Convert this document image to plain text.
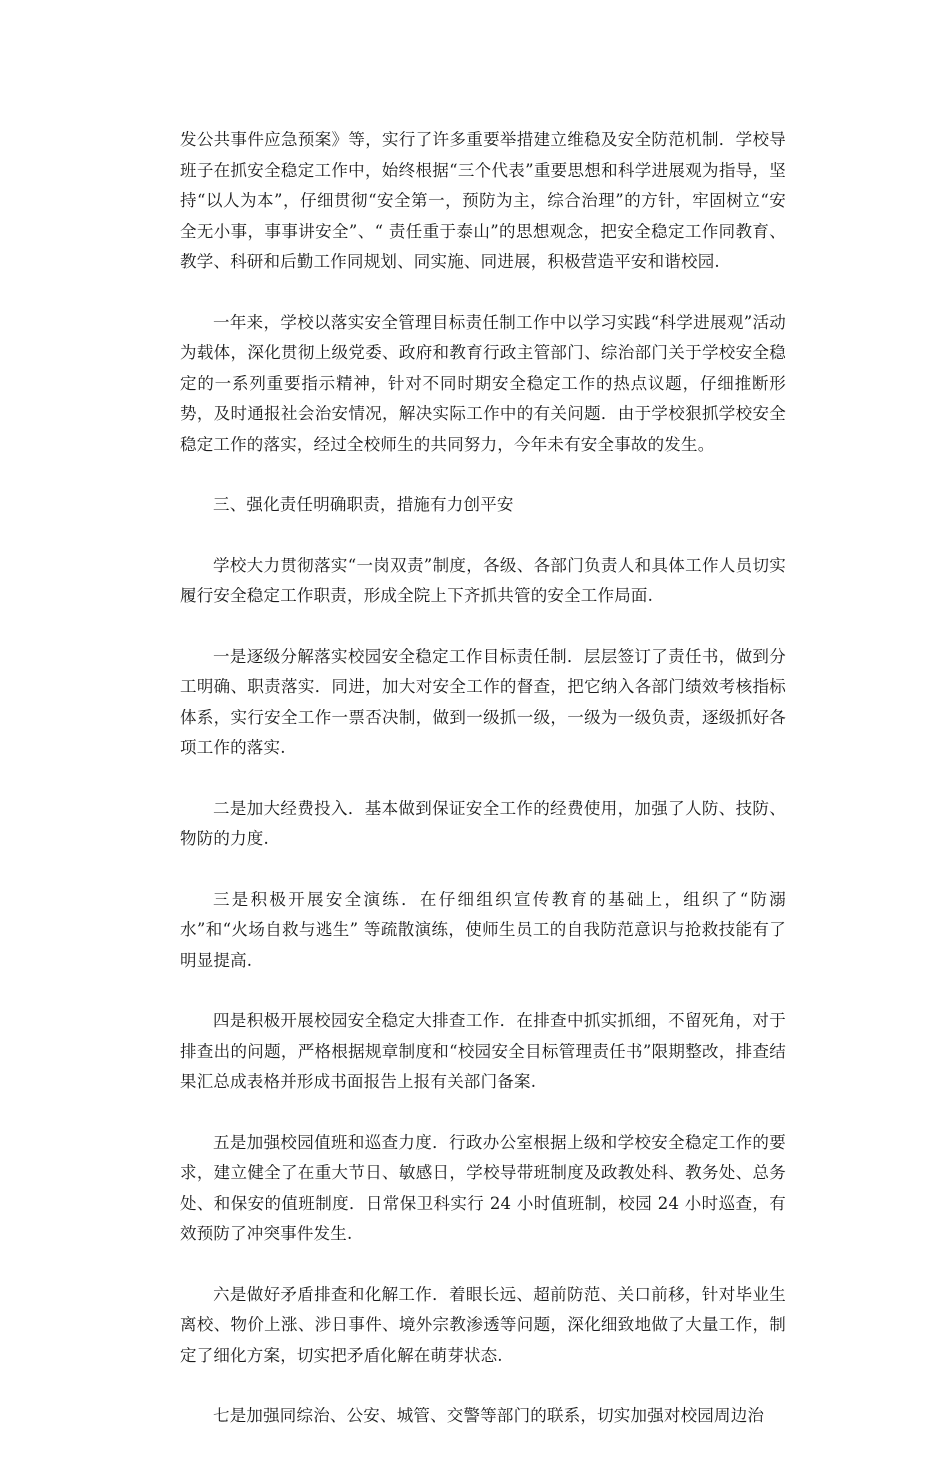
发公共事件应急预案》等，实行了许多重要举措建立维稳及安全防范机制．学校导班子在抓安全稳定工作中，始终根据“三个代表”重要思想和科学进展观为指导，坚持“以人为本”，仔细贯彻“安全第一，预防为主，综合治理”的方针，牢固树立“安全无小事，事事讲安全”、“ 责任重于泰山”的思想观念，把安全稳定工作同教育、教学、科研和后勤工作同规划、同实施、同进展，积极营造平安和谐校园.

一年来，学校以落实安全管理目标责任制工作中以学习实践“科学进展观”活动为载体，深化贯彻上级党委、政府和教育行政主管部门、综治部门关于学校安全稳定的一系列重要指示精神，针对不同时期安全稳定工作的热点议题，仔细推断形势，及时通报社会治安情况，解决实际工作中的有关问题．由于学校狠抓学校安全稳定工作的落实，经过全校师生的共同努力，今年未有安全事故的发生。

三、强化责任明确职责，措施有力创平安

学校大力贯彻落实“一岗双责”制度，各级、各部门负责人和具体工作人员切实履行安全稳定工作职责，形成全院上下齐抓共管的安全工作局面.

一是逐级分解落实校园安全稳定工作目标责任制．层层签订了责任书，做到分工明确、职责落实．同进，加大对安全工作的督查，把它纳入各部门绩效考核指标体系，实行安全工作一票否决制，做到一级抓一级，一级为一级负责，逐级抓好各项工作的落实.

二是加大经费投入．基本做到保证安全工作的经费使用，加强了人防、技防、物防的力度.

三是积极开展安全演练．在仔细组织宣传教育的基础上，组织了“防溺水”和“火场自救与逃生” 等疏散演练，使师生员工的自我防范意识与抢救技能有了明显提高.

四是积极开展校园安全稳定大排查工作．在排查中抓实抓细，不留死角，对于排查出的问题，严格根据规章制度和“校园安全目标管理责任书”限期整改，排查结果汇总成表格并形成书面报告上报有关部门备案.

五是加强校园值班和巡查力度．行政办公室根据上级和学校安全稳定工作的要求，建立健全了在重大节日、敏感日，学校导带班制度及政教处科、教务处、总务处、和保安的值班制度．日常保卫科实行 24 小时值班制，校园 24 小时巡查，有效预防了冲突事件发生.

六是做好矛盾排查和化解工作．着眼长远、超前防范、关口前移，针对毕业生离校、物价上涨、涉日事件、境外宗教渗透等问题，深化细致地做了大量工作，制定了细化方案，切实把矛盾化解在萌芽状态.

七是加强同综治、公安、城管、交警等部门的联系，切实加强对校园周边治
